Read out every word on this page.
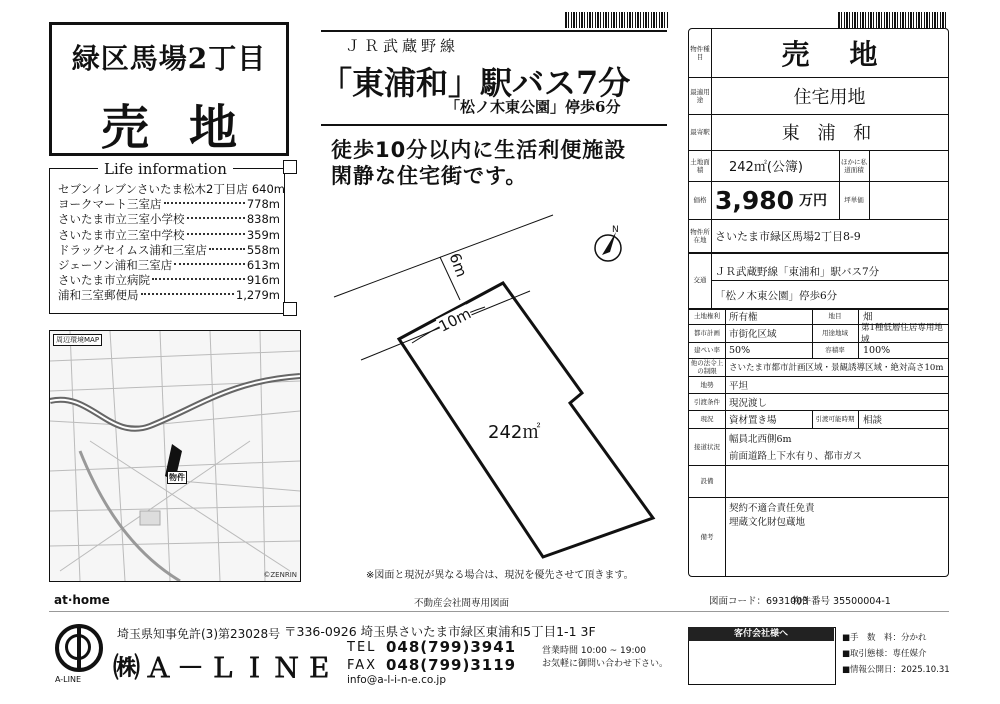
緑区馬場2丁目
売地
Life information
セブンイレブンさいたま松木2丁目店 640m
ヨークマート三室店	778m
さいたま市立三室小学校	838m
さいたま市立三室中学校	359m
ドラッグセイムス浦和三室店	558m
ジェーソン浦和三室店	613m
さいたま市立病院	916m
浦和三室郵便局	1,279m
周辺環境MAP
物件
©ZENRIN
ＪＲ武蔵野線
「東浦和」駅バス7分
「松ノ木東公園」停歩6分
徒歩10分以内に生活利便施設
閑静な住宅街です。
6m
10m
242㎡
N
※図面と現況が異なる場合は、現況を優先させて頂きます。
不動産会社間専用図面
物件種目	売地
最適用途	住宅用地
最寄駅	東 浦 和
土地面積	242㎡(公簿)	ほかに私道面積
価格 3,980 万円	坪単価
物件所在地 さいたま市緑区馬場2丁目8-9
交通
ＪＲ武蔵野線「東浦和」駅バス7分
「松ノ木東公園」停歩6分
土地権利 所有権	地目	畑
都市計画 市街化区域	用途地域	第1種低層住居専用地域
建ぺい率 50%	容積率	100%
他の法令上の制限	さいたま市都市計画区域・景観誘導区域・絶対高さ10m
地勢	平坦
引渡条件 現況渡し
現況	資材置き場	引渡可能時期 相談
接道状況
幅員北西側6m
前面道路上下水有り、都市ガス
設備
備考
契約不適合責任免責
埋蔵文化財包蔵地
at·home	図面コード：6931003
物件番号 35500004-1
A-LINE
埼玉県知事免許(3)第23028号
㈱Ａ－ＬＩＮＥ
〒336-0926 埼玉県さいたま市緑区東浦和5丁目1-1 3F
TEL 048(799)3941
FAX 048(799)3119
営業時間 10:00 ~ 19:00
お気軽に御問い合わせ下さい。
info@a-l-i-n-e.co.jp
客付会社様へ	■手　数　料：分かれ
■取引態様：専任媒介
■情報公開日：2025.10.31
